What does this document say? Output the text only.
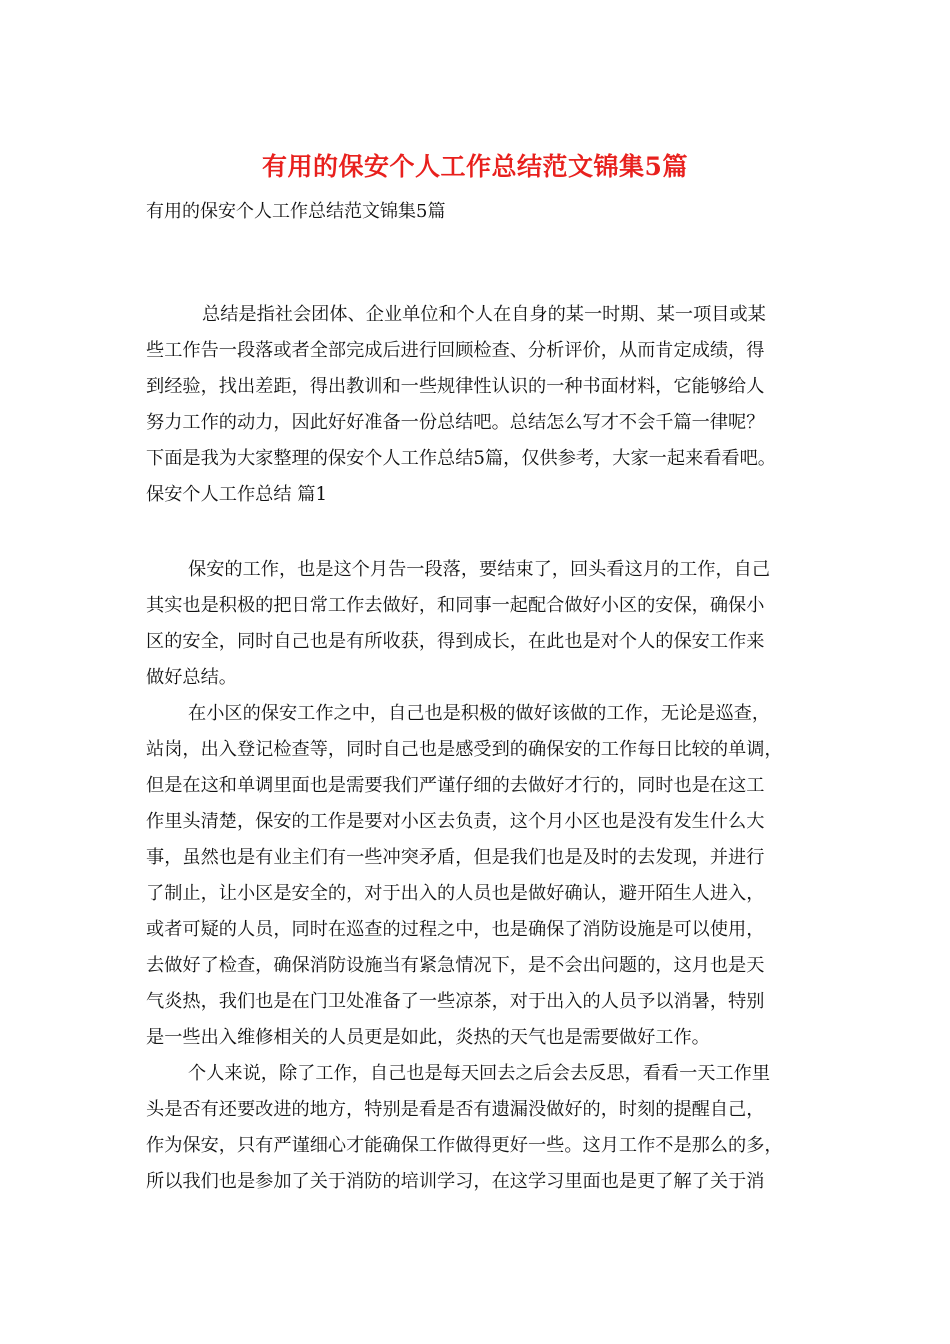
有用的保安个人工作总结范文锦集5篇

有用的保安个人工作总结范文锦集5篇

总结是指社会团体、企业单位和个人在自身的某一时期、某一项目或某
些工作告一段落或者全部完成后进行回顾检查、分析评价，从而肯定成绩，得
到经验，找出差距，得出教训和一些规律性认识的一种书面材料，它能够给人
努力工作的动力，因此好好准备一份总结吧。总结怎么写才不会千篇一律呢？
下面是我为大家整理的保安个人工作总结5篇，仅供参考，大家一起来看看吧。
保安个人工作总结 篇1
保安的工作，也是这个月告一段落，要结束了，回头看这月的工作，自己
其实也是积极的把日常工作去做好，和同事一起配合做好小区的安保，确保小
区的安全，同时自己也是有所收获，得到成长，在此也是对个人的保安工作来
做好总结。
在小区的保安工作之中，自己也是积极的做好该做的工作，无论是巡查，
站岗，出入登记检查等，同时自己也是感受到的确保安的工作每日比较的单调，
但是在这和单调里面也是需要我们严谨仔细的去做好才行的，同时也是在这工
作里头清楚，保安的工作是要对小区去负责，这个月小区也是没有发生什么大
事，虽然也是有业主们有一些冲突矛盾，但是我们也是及时的去发现，并进行
了制止，让小区是安全的，对于出入的人员也是做好确认，避开陌生人进入，
或者可疑的人员，同时在巡查的过程之中，也是确保了消防设施是可以使用，
去做好了检查，确保消防设施当有紧急情况下，是不会出问题的，这月也是天
气炎热，我们也是在门卫处准备了一些凉茶，对于出入的人员予以消暑，特别
是一些出入维修相关的人员更是如此，炎热的天气也是需要做好工作。
个人来说，除了工作，自己也是每天回去之后会去反思，看看一天工作里
头是否有还要改进的地方，特别是看是否有遗漏没做好的，时刻的提醒自己，
作为保安，只有严谨细心才能确保工作做得更好一些。这月工作不是那么的多，
所以我们也是参加了关于消防的培训学习，在这学习里面也是更了解了关于消
